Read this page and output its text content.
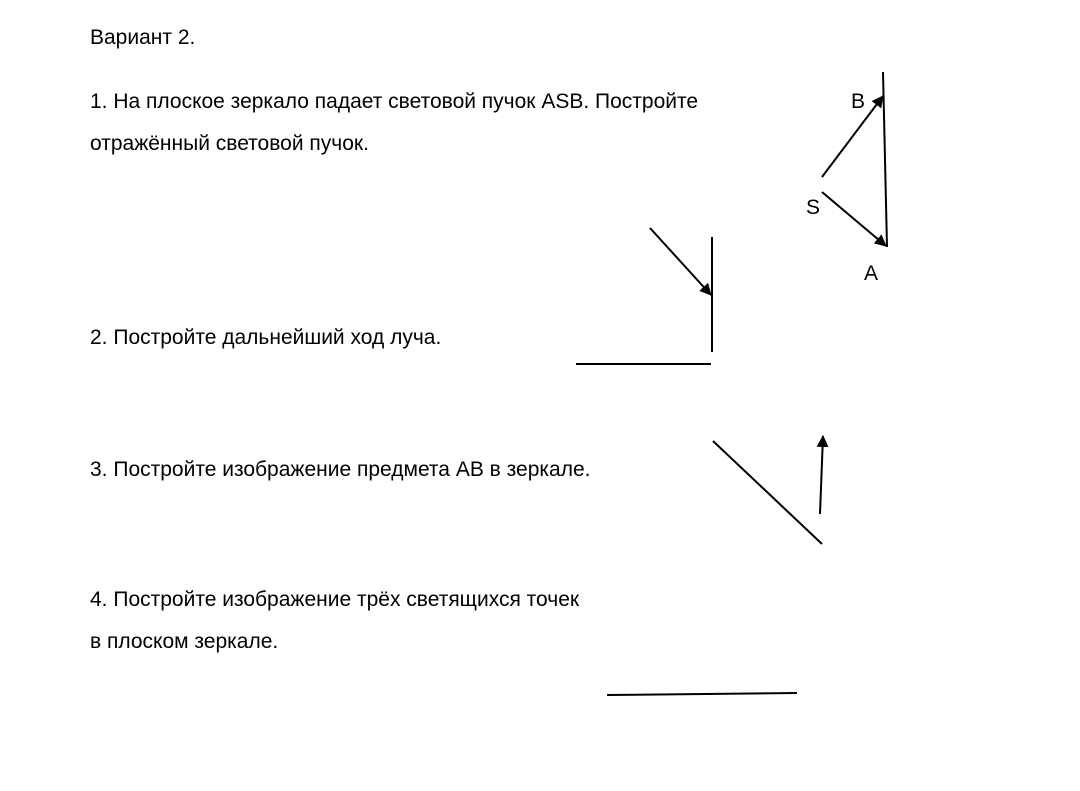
Вариант 2.
1. На плоское зеркало падает световой пучок ASB. Постройте
отражённый световой пучок.
2. Постройте дальнейший ход луча.
3. Постройте изображение предмета АВ в зеркале.
4. Постройте изображение трёх светящихся точек
в плоском зеркале.
B
S
A
